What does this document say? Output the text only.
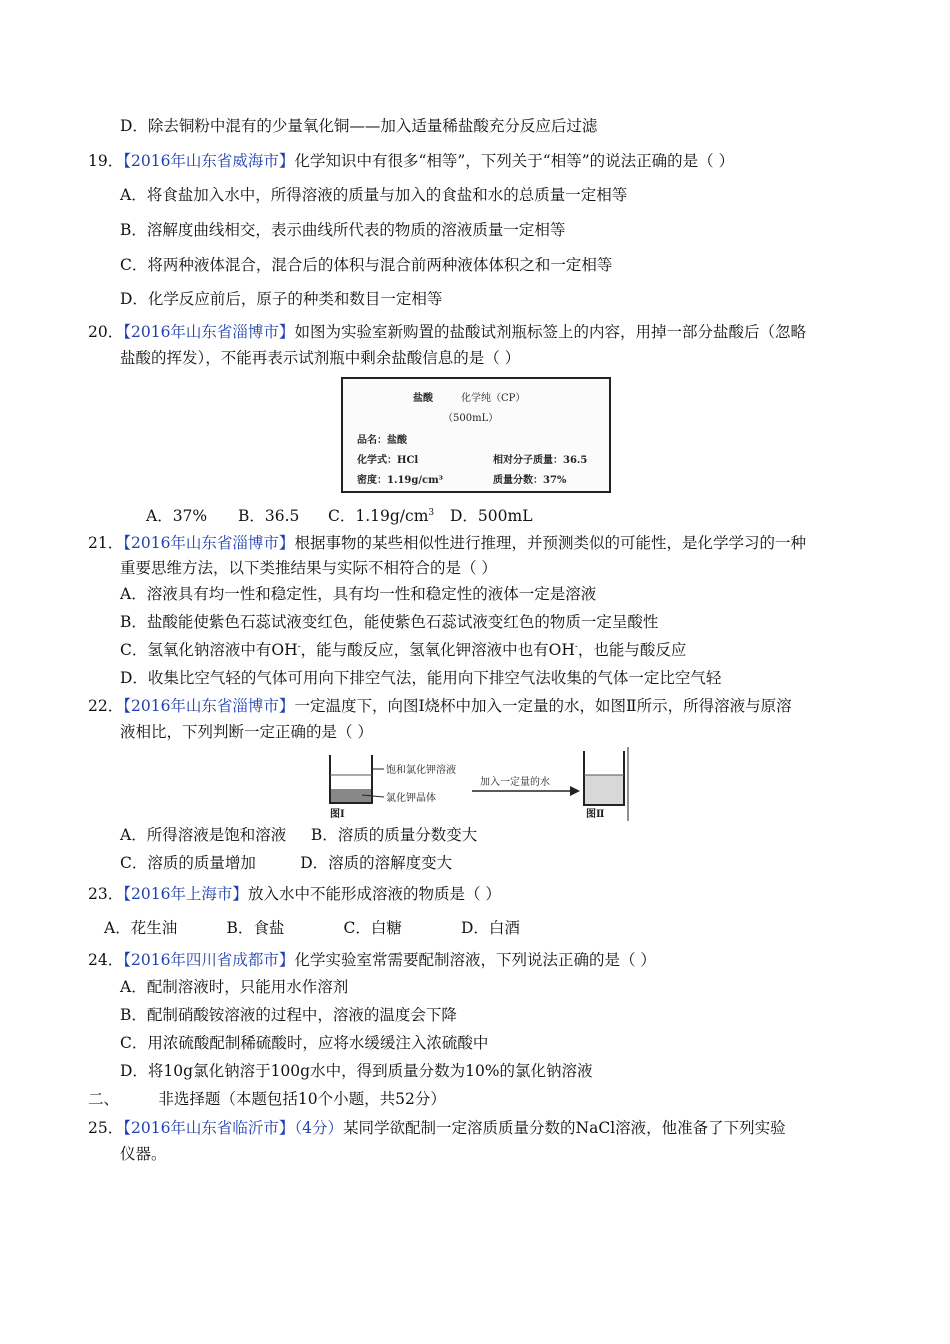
D．除去铜粉中混有的少量氧化铜——加入适量稀盐酸充分反应后过滤
19．【2016年山东省威海市】化学知识中有很多“相等”，下列关于“相等”的说法正确的是（ ）
A．将食盐加入水中，所得溶液的质量与加入的食盐和水的总质量一定相等
B．溶解度曲线相交，表示曲线所代表的物质的溶液质量一定相等
C．将两种液体混合，混合后的体积与混合前两种液体体积之和一定相等
D．化学反应前后，原子的种类和数目一定相等
20．【2016年山东省淄博市】如图为实验室新购置的盐酸试剂瓶标签上的内容，用掉一部分盐酸后（忽略
盐酸的挥发），不能再表示试剂瓶中剩余盐酸信息的是（ ）
盐酸	化学纯（CP）
（500mL）
品名：盐酸
化学式：HCl	相对分子质量：36.5
密度：1.19g/cm³	质量分数：37%
A．37% B．36.5 C．$1.19g/cm^3$ D．500mL
21．【2016年山东省淄博市】根据事物的某些相似性进行推理，并预测类似的可能性，是化学学习的一种
重要思维方法，以下类推结果与实际不相符合的是（ ）
A．溶液具有均一性和稳定性，具有均一性和稳定性的液体一定是溶液
B．盐酸能使紫色石蕊试液变红色，能使紫色石蕊试液变红色的物质一定呈酸性
C．氢氧化钠溶液中有OH-，能与酸反应，氢氧化钾溶液中也有OH-，也能与酸反应
D．收集比空气轻的气体可用向下排空气法，能用向下排空气法收集的气体一定比空气轻
22．【2016年山东省淄博市】一定温度下，向图Ⅰ烧杯中加入一定量的水，如图Ⅱ所示，所得溶液与原溶
液相比，下列判断一定正确的是（ ）
饱和氯化钾溶液
氯化钾晶体
图Ⅰ
加入一定量的水
图Ⅱ
A．所得溶液是饱和溶液     B．溶质的质量分数变大
C．溶质的质量增加         D．溶质的溶解度变大
23．【2016年上海市】放入水中不能形成溶液的物质是（ ）
A．花生油          B．食盐            C．白糖            D．白酒
24．【2016年四川省成都市】化学实验室常需要配制溶液，下列说法正确的是（ ）
A．配制溶液时，只能用水作溶剂
B．配制硝酸铵溶液的过程中，溶液的温度会下降
C．用浓硫酸配制稀硫酸时，应将水缓缓注入浓硫酸中
D．将10g氯化钠溶于100g水中，得到质量分数为10%的氯化钠溶液
二、        非选择题（本题包括10个小题，共52分）
25．【2016年山东省临沂市】（4分）某同学欲配制一定溶质质量分数的NaCl溶液，他准备了下列实验
仪器。
